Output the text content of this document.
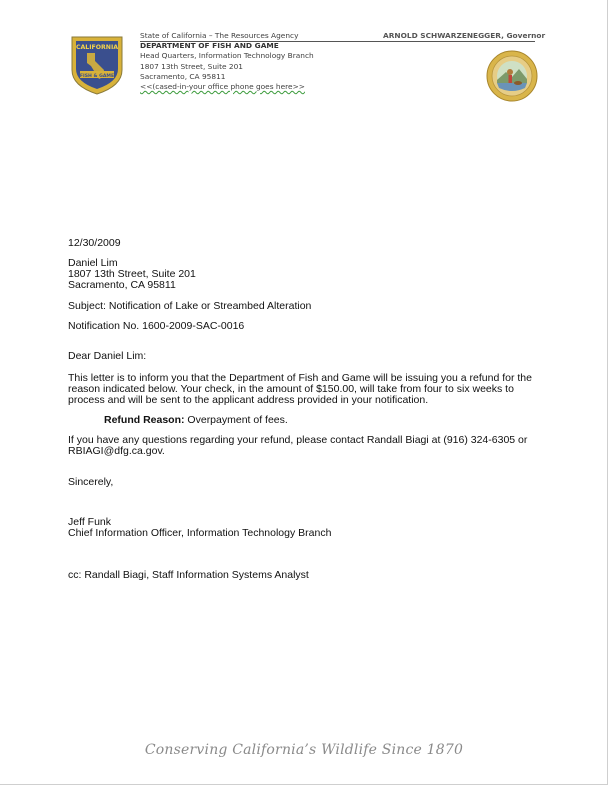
CALIFORNIA
FISH & GAME
State of California – The Resources Agency
DEPARTMENT OF FISH AND GAME
Head Quarters, Information Technology Branch
1807 13th Street, Suite 201
Sacramento, CA 95811
<<(cased-in-your office phone goes here>>
ARNOLD SCHWARZENEGGER, Governor
12/30/2009
Daniel Lim
1807 13th Street, Suite 201
Sacramento, CA 95811
Subject: Notification of Lake or Streambed Alteration
Notification No. 1600-2009-SAC-0016
Dear Daniel Lim:
This letter is to inform you that the Department of Fish and Game will be issuing you a refund for the reason indicated below. Your check, in the amount of $150.00, will take from four to six weeks to process and will be sent to the applicant address provided in your notification.
Refund Reason: Overpayment of fees.
If you have any questions regarding your refund, please contact Randall Biagi at (916) 324-6305 or RBIAGI@dfg.ca.gov.
Sincerely,
Jeff Funk
Chief Information Officer, Information Technology Branch
cc: Randall Biagi, Staff Information Systems Analyst
Conserving California’s Wildlife Since 1870
